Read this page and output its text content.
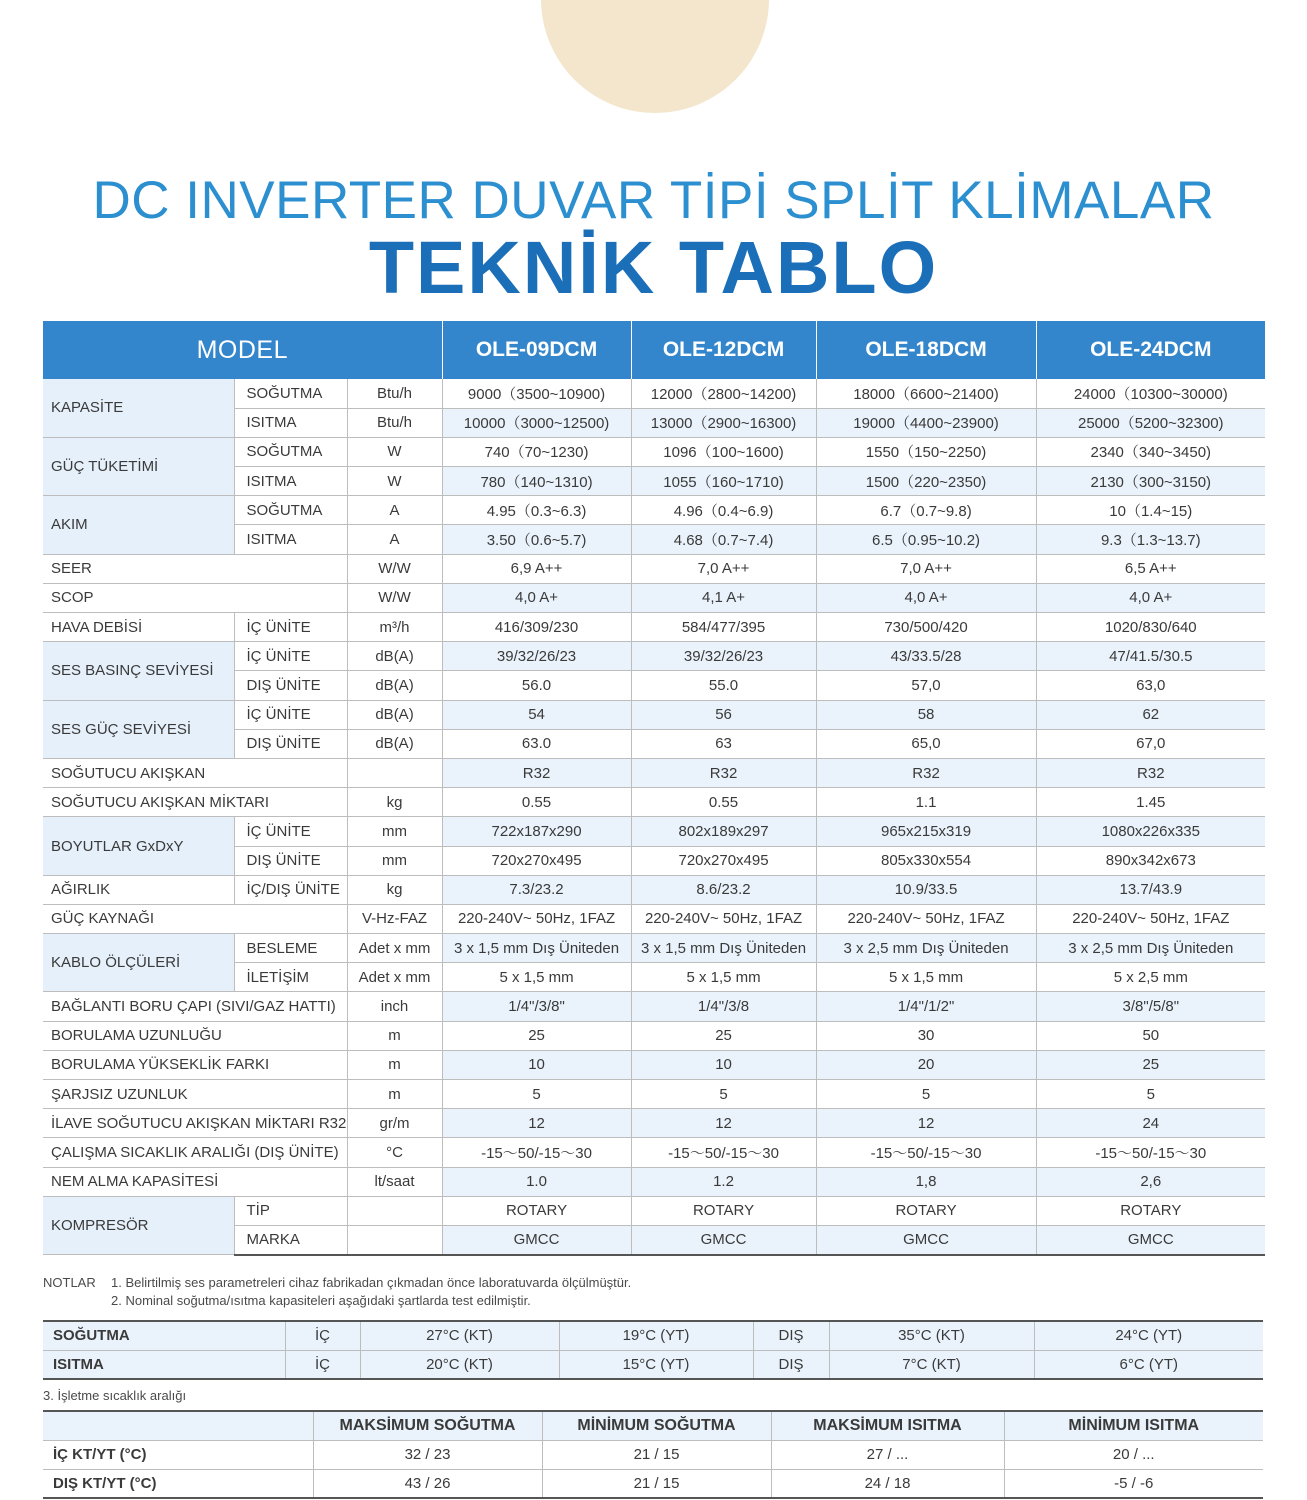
DC INVERTER DUVAR TİPİ SPLİT KLİMALAR
TEKNİK TABLO
MODEL			OLE-09DCM	OLE-12DCM	OLE-18DCM	OLE-24DCM
KAPASİTE	SOĞUTMA	Btu/h	9000（3500~10900)	12000（2800~14200)	18000（6600~21400)	24000（10300~30000)
	ISITMA	Btu/h	10000（3000~12500)	13000（2900~16300)	19000（4400~23900)	25000（5200~32300)
GÜÇ TÜKETİMİ	SOĞUTMA	W	740（70~1230)	1096（100~1600)	1550（150~2250)	2340（340~3450)
	ISITMA	W	780（140~1310)	1055（160~1710)	1500（220~2350)	2130（300~3150)
AKIM	SOĞUTMA	A	4.95（0.3~6.3)	4.96（0.4~6.9)	6.7（0.7~9.8)	10（1.4~15)
	ISITMA	A	3.50（0.6~5.7)	4.68（0.7~7.4)	6.5（0.95~10.2)	9.3（1.3~13.7)
SEER		W/W	6,9 A++	7,0 A++	7,0 A++	6,5 A++
SCOP		W/W	4,0 A+	4,1 A+	4,0 A+	4,0 A+
HAVA DEBİSİ	İÇ ÜNİTE	m³/h	416/309/230	584/477/395	730/500/420	1020/830/640
SES BASINÇ SEVİYESİ	İÇ ÜNİTE	dB(A)	39/32/26/23	39/32/26/23	43/33.5/28	47/41.5/30.5
	DIŞ ÜNİTE	dB(A)	56.0	55.0	57,0	63,0
SES GÜÇ SEVİYESİ	İÇ ÜNİTE	dB(A)	54	56	58	62
	DIŞ ÜNİTE	dB(A)	63.0	63	65,0	67,0
SOĞUTUCU AKIŞKAN			R32	R32	R32	R32
SOĞUTUCU AKIŞKAN MİKTARI		kg	0.55	0.55	1.1	1.45
BOYUTLAR GxDxY	İÇ ÜNİTE	mm	722x187x290	802x189x297	965x215x319	1080x226x335
	DIŞ ÜNİTE	mm	720x270x495	720x270x495	805x330x554	890x342x673
AĞIRLIK	İÇ/DIŞ ÜNİTE	kg	7.3/23.2	8.6/23.2	10.9/33.5	13.7/43.9
GÜÇ KAYNAĞI		V-Hz-FAZ	220-240V~ 50Hz, 1FAZ	220-240V~ 50Hz, 1FAZ	220-240V~ 50Hz, 1FAZ	220-240V~ 50Hz, 1FAZ
KABLO ÖLÇÜLERİ	BESLEME	Adet x mm	3 x 1,5 mm Dış Üniteden	3 x 1,5 mm Dış Üniteden	3 x 2,5 mm Dış Üniteden	3 x 2,5 mm Dış Üniteden
	İLETİŞİM	Adet x mm	5 x 1,5 mm	5 x 1,5 mm	5 x 1,5 mm	5 x 2,5 mm
BAĞLANTI BORU ÇAPI (SIVI/GAZ HATTI)		inch	1/4"/3/8"	1/4"/3/8	1/4"/1/2"	3/8"/5/8"
BORULAMA UZUNLUĞU		m	25	25	30	50
BORULAMA YÜKSEKLİK FARKI		m	10	10	20	25
ŞARJSIZ UZUNLUK		m	5	5	5	5
İLAVE SOĞUTUCU AKIŞKAN MİKTARI R32		gr/m	12	12	12	24
ÇALIŞMA SICAKLIK ARALIĞI (DIŞ ÜNİTE)		°C	-15〜50/-15〜30	-15〜50/-15〜30	-15〜50/-15〜30	-15〜50/-15〜30
NEM ALMA KAPASİTESİ		lt/saat	1.0	1.2	1,8	2,6
KOMPRESÖR	TİP		ROTARY	ROTARY	ROTARY	ROTARY
	MARKA		GMCC	GMCC	GMCC	GMCC
NOTLAR 1. Belirtilmiş ses parametreleri cihaz fabrikadan çıkmadan önce laboratuvarda ölçülmüştür.
2. Nominal soğutma/ısıtma kapasiteleri aşağıdaki şartlarda test edilmiştir.
SOĞUTMA	İÇ	27°C (KT)	19°C (YT)	DIŞ	35°C (KT)	24°C (YT)
ISITMA	İÇ	20°C (KT)	15°C (YT)	DIŞ	7°C (KT)	6°C (YT)
3. İşletme sıcaklık aralığı
	MAKSİMUM SOĞUTMA	MİNİMUM SOĞUTMA	MAKSİMUM ISITMA	MİNİMUM ISITMA
İÇ KT/YT (°C)	32 / 23	21 / 15	27 / ...	20 / ...
DIŞ KT/YT (°C)	43 / 26	21 / 15	24 / 18	-5 / -6
